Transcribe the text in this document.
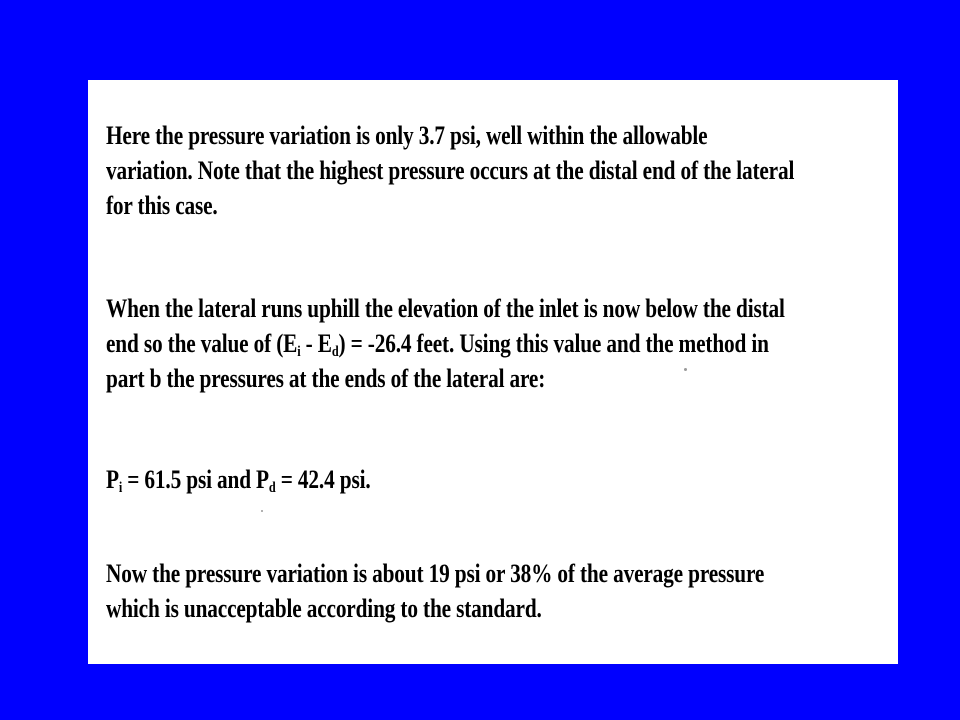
Here the pressure variation is only 3.7 psi, well within the allowable
variation. Note that the highest pressure occurs at the distal end of the lateral
for this case.

When the lateral runs uphill the elevation of the inlet is now below the distal
end so the value of $(E_i - E_d) = -26.4$ feet. Using this value and the method in
part b the pressures at the ends of the lateral are:

$P_i = 61.5$ psi and $P_d = 42.4$ psi.

Now the pressure variation is about 19 psi or 38% of the average pressure
which is unacceptable according to the standard.
